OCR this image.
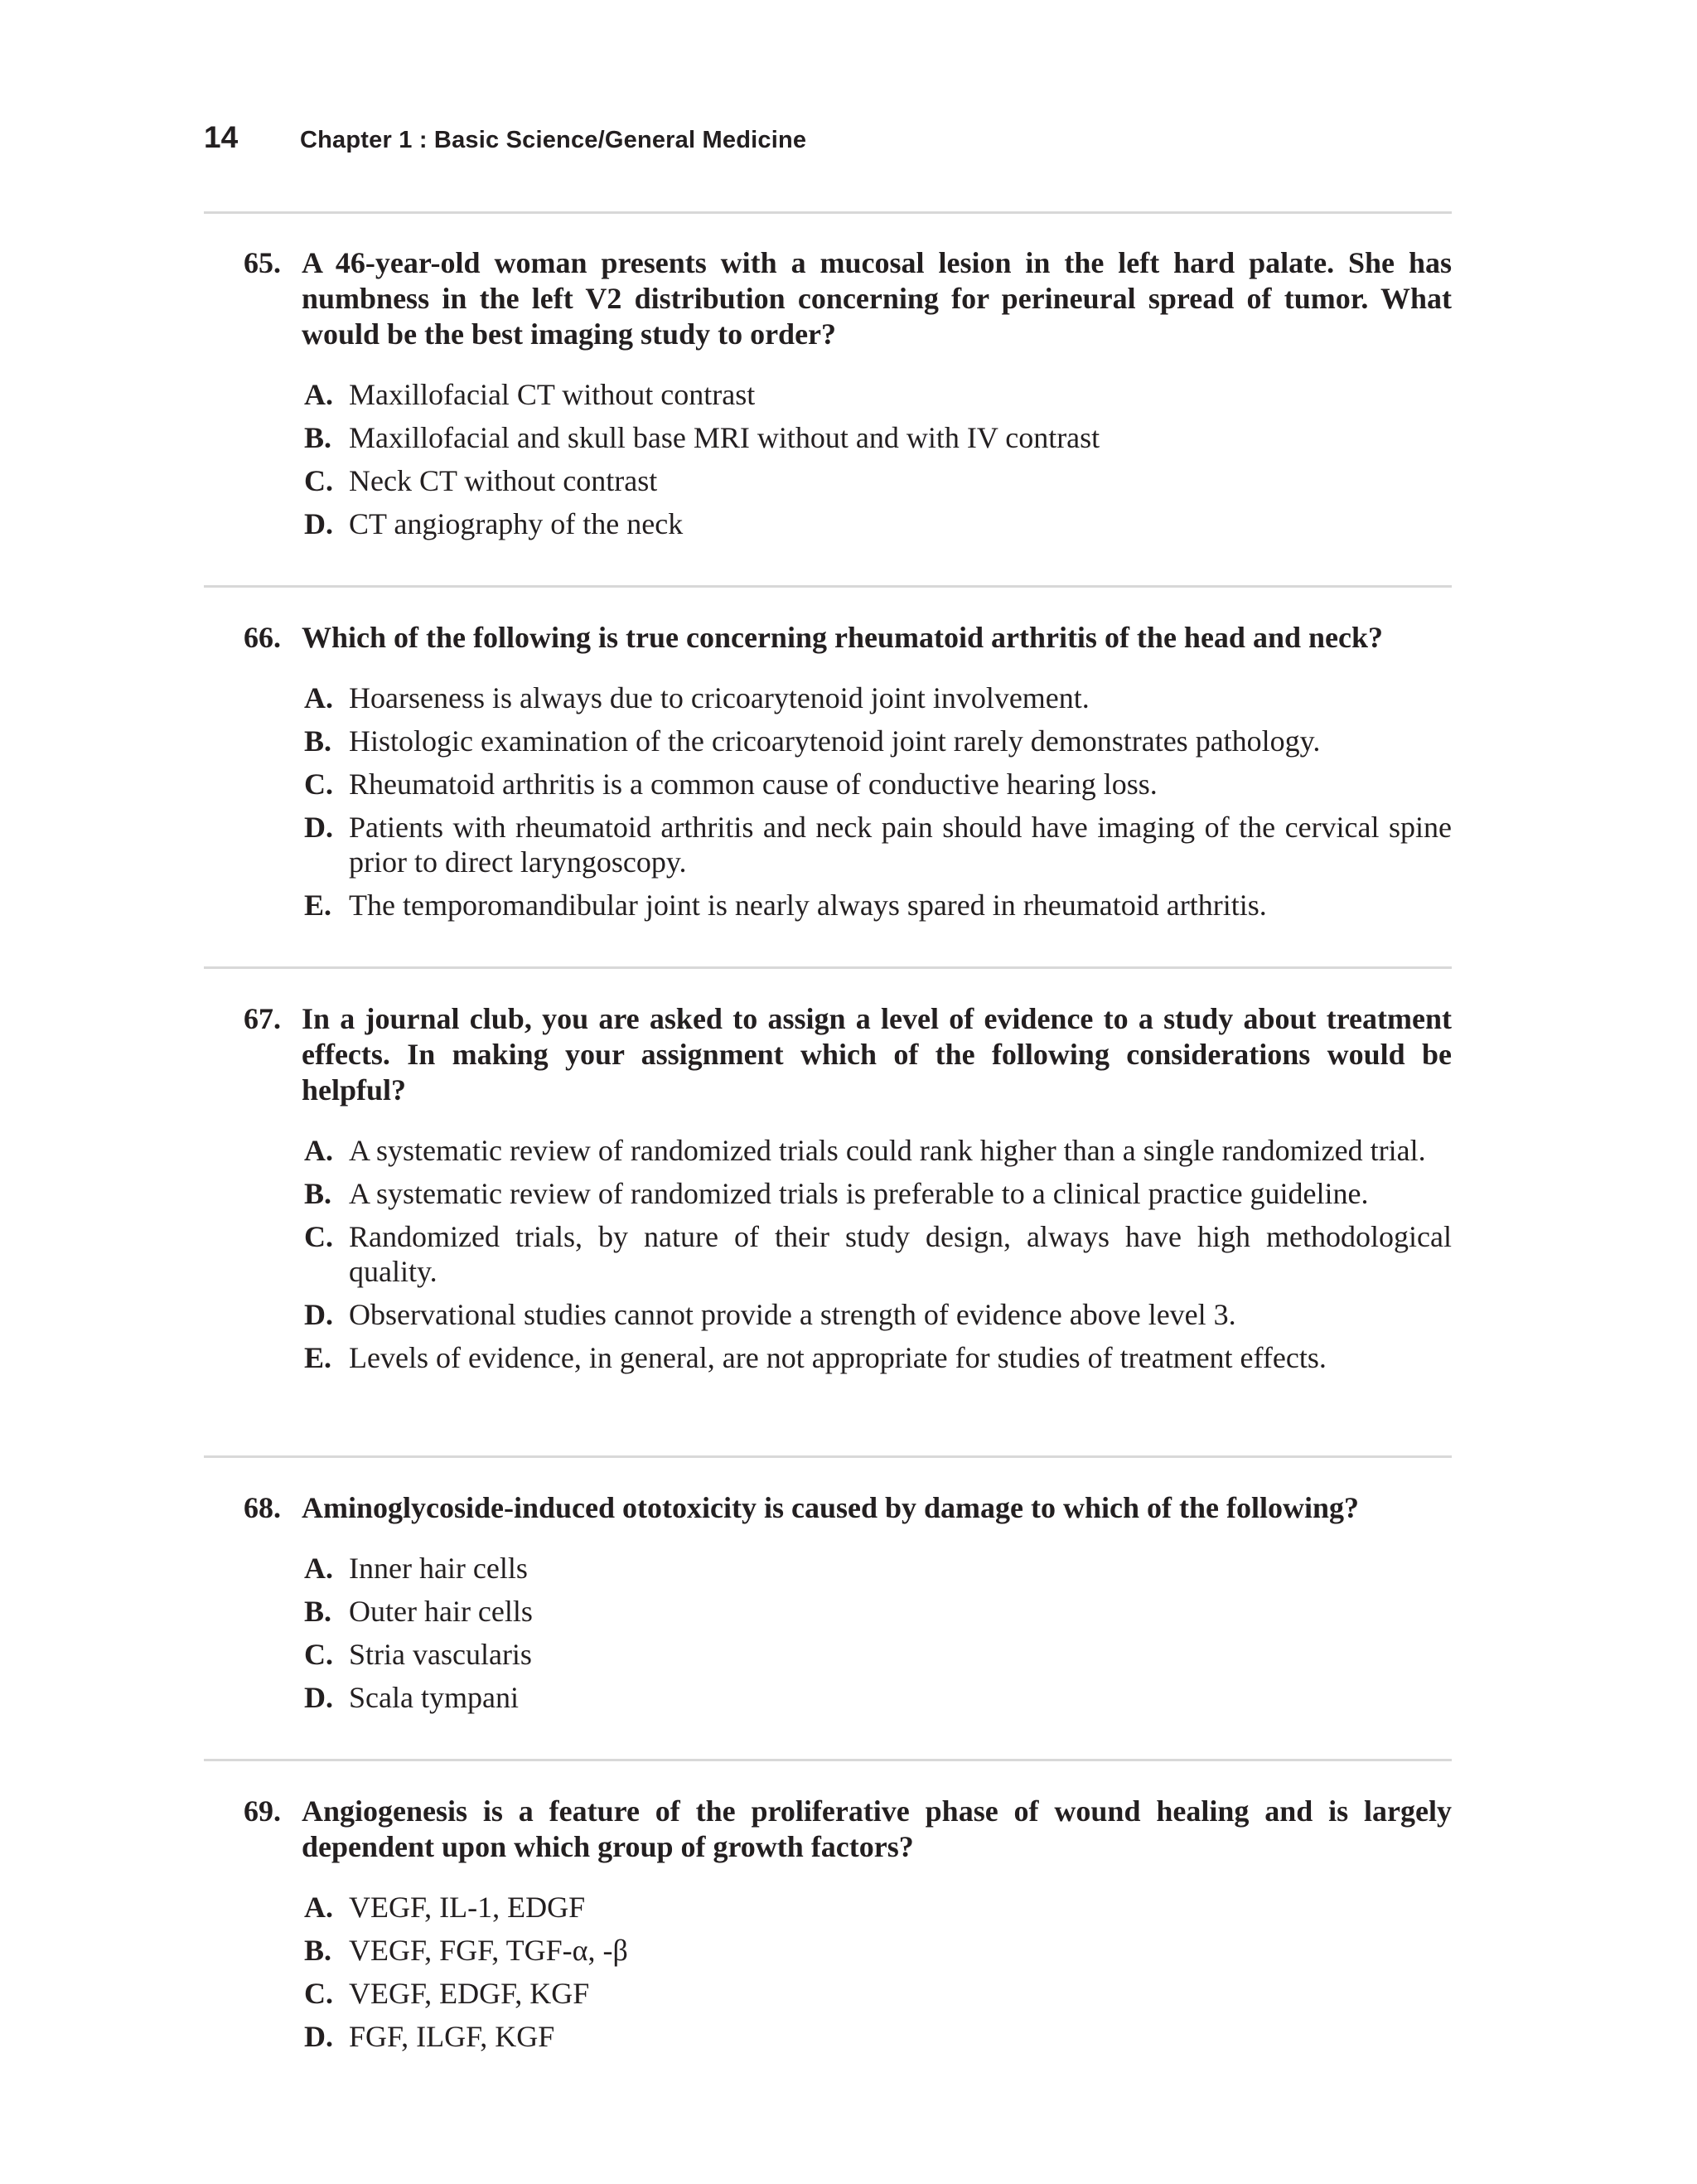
14	Chapter 1 : Basic Science/General Medicine
65. A 46-year-old woman presents with a mucosal lesion in the left hard palate. She has numbness in the left V2 distribution concerning for perineural spread of tumor. What would be the best imaging study to order?
A. Maxillofacial CT without contrast
B. Maxillofacial and skull base MRI without and with IV contrast
C. Neck CT without contrast
D. CT angiography of the neck
66. Which of the following is true concerning rheumatoid arthritis of the head and neck?
A. Hoarseness is always due to cricoarytenoid joint involvement.
B. Histologic examination of the cricoarytenoid joint rarely demonstrates pathology.
C. Rheumatoid arthritis is a common cause of conductive hearing loss.
D. Patients with rheumatoid arthritis and neck pain should have imaging of the cervical spine prior to direct laryngoscopy.
E. The temporomandibular joint is nearly always spared in rheumatoid arthritis.
67. In a journal club, you are asked to assign a level of evidence to a study about treatment effects. In making your assignment which of the following considerations would be helpful?
A. A systematic review of randomized trials could rank higher than a single randomized trial.
B. A systematic review of randomized trials is preferable to a clinical practice guideline.
C. Randomized trials, by nature of their study design, always have high methodological quality.
D. Observational studies cannot provide a strength of evidence above level 3.
E. Levels of evidence, in general, are not appropriate for studies of treatment effects.
68. Aminoglycoside-induced ototoxicity is caused by damage to which of the following?
A. Inner hair cells
B. Outer hair cells
C. Stria vascularis
D. Scala tympani
69. Angiogenesis is a feature of the proliferative phase of wound healing and is largely dependent upon which group of growth factors?
A. VEGF, IL-1, EDGF
B. VEGF, FGF, TGF-α, -β
C. VEGF, EDGF, KGF
D. FGF, ILGF, KGF
